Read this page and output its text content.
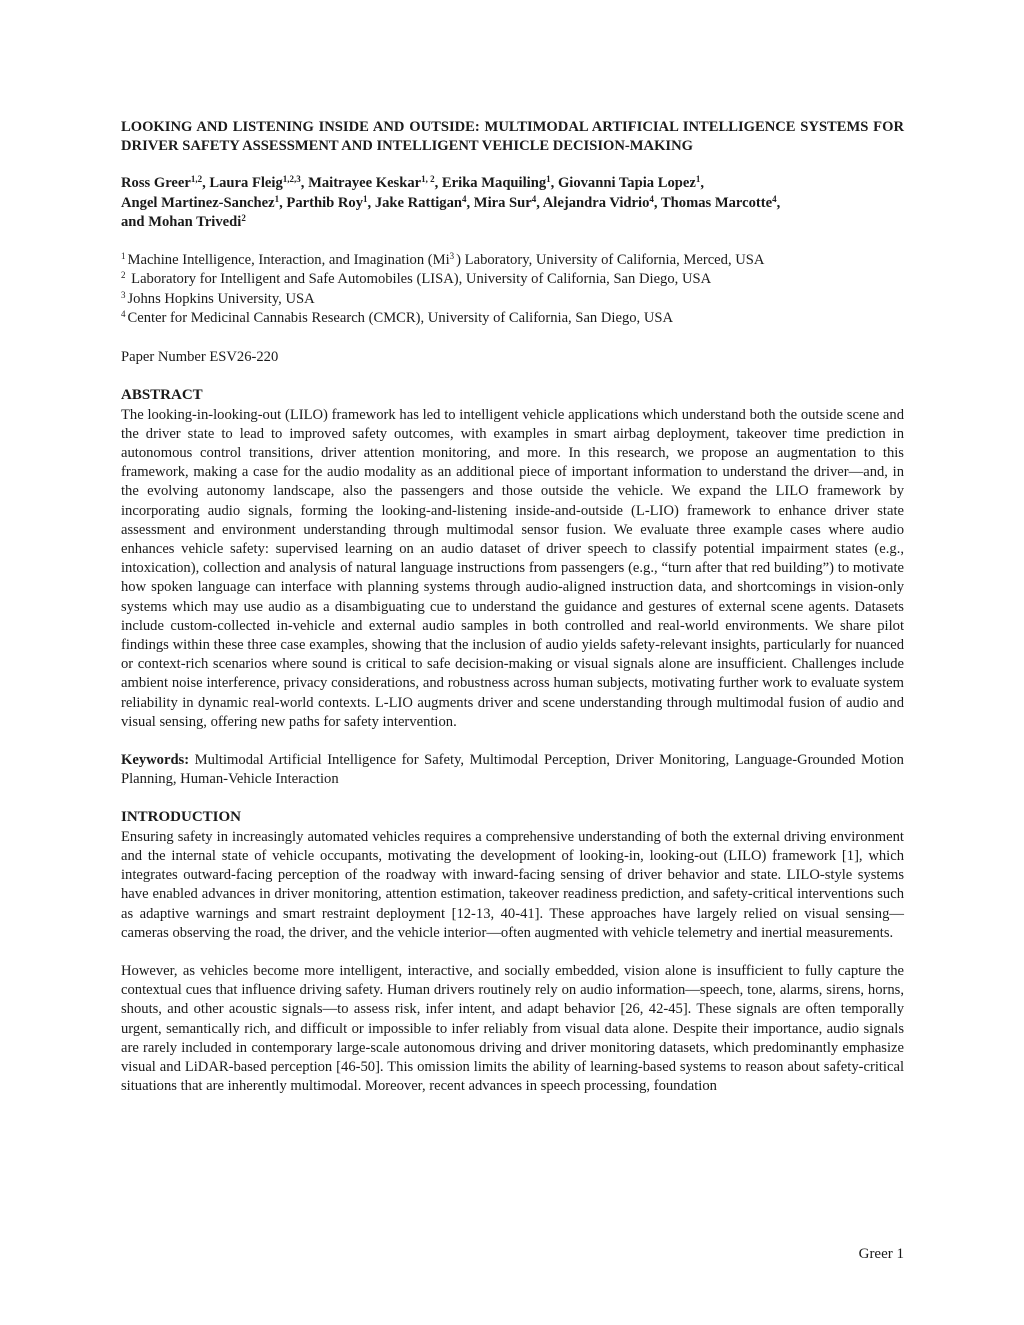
LOOKING AND LISTENING INSIDE AND OUTSIDE: MULTIMODAL ARTIFICIAL INTELLIGENCE SYSTEMS FOR DRIVER SAFETY ASSESSMENT AND INTELLIGENT VEHICLE DECISION-MAKING
Ross Greer$^{1,2}$, Laura Fleig$^{1,2,3}$, Maitrayee Keskar$^{1, 2}$, Erika Maquiling$^1$, Giovanni Tapia Lopez$^1$,
Angel Martinez-Sanchez$^1$, Parthib Roy$^1$, Jake Rattigan$^4$, Mira Sur$^4$, Alejandra Vidrio$^4$, Thomas Marcotte$^4$,
and Mohan Trivedi$^2$
$^1$ Machine Intelligence, Interaction, and Imagination (Mi$^3$ ) Laboratory, University of California, Merced, USA
$^2$ Laboratory for Intelligent and Safe Automobiles (LISA), University of California, San Diego, USA
$^3$ Johns Hopkins University, USA
$^4$ Center for Medicinal Cannabis Research (CMCR), University of California, San Diego, USA
Paper Number ESV26-220
ABSTRACT
The looking-in-looking-out (LILO) framework has led to intelligent vehicle applications which understand both the outside scene and the driver state to lead to improved safety outcomes, with examples in smart airbag deployment, takeover time prediction in autonomous control transitions, driver attention monitoring, and more. In this research, we propose an augmentation to this framework, making a case for the audio modality as an additional piece of important information to understand the driver—and, in the evolving autonomy landscape, also the passengers and those outside the vehicle. We expand the LILO framework by incorporating audio signals, forming the looking-and-listening inside-and-outside (L-LIO) framework to enhance driver state assessment and environment understanding through multimodal sensor fusion. We evaluate three example cases where audio enhances vehicle safety: supervised learning on an audio dataset of driver speech to classify potential impairment states (e.g., intoxication), collection and analysis of natural language instructions from passengers (e.g., “turn after that red building”) to motivate how spoken language can interface with planning systems through audio-aligned instruction data, and shortcomings in vision-only systems which may use audio as a disambiguating cue to understand the guidance and gestures of external scene agents. Datasets include custom-collected in-vehicle and external audio samples in both controlled and real-world environments. We share pilot findings within these three case examples, showing that the inclusion of audio yields safety-relevant insights, particularly for nuanced or context-rich scenarios where sound is critical to safe decision-making or visual signals alone are insufficient. Challenges include ambient noise interference, privacy considerations, and robustness across human subjects, motivating further work to evaluate system reliability in dynamic real-world contexts. L-LIO augments driver and scene understanding through multimodal fusion of audio and visual sensing, offering new paths for safety intervention.
Keywords: Multimodal Artificial Intelligence for Safety, Multimodal Perception, Driver Monitoring, Language-Grounded Motion Planning, Human-Vehicle Interaction
INTRODUCTION
Ensuring safety in increasingly automated vehicles requires a comprehensive understanding of both the external driving environment and the internal state of vehicle occupants, motivating the development of looking-in, looking-out (LILO) framework [1], which integrates outward-facing perception of the roadway with inward-facing sensing of driver behavior and state. LILO-style systems have enabled advances in driver monitoring, attention estimation, takeover readiness prediction, and safety-critical interventions such as adaptive warnings and smart restraint deployment [12-13, 40-41]. These approaches have largely relied on visual sensing—cameras observing the road, the driver, and the vehicle interior—often augmented with vehicle telemetry and inertial measurements.
However, as vehicles become more intelligent, interactive, and socially embedded, vision alone is insufficient to fully capture the contextual cues that influence driving safety. Human drivers routinely rely on audio information—speech, tone, alarms, sirens, horns, shouts, and other acoustic signals—to assess risk, infer intent, and adapt behavior [26, 42-45]. These signals are often temporally urgent, semantically rich, and difficult or impossible to infer reliably from visual data alone. Despite their importance, audio signals are rarely included in contemporary large-scale autonomous driving and driver monitoring datasets, which predominantly emphasize visual and LiDAR-based perception [46-50]. This omission limits the ability of learning-based systems to reason about safety-critical situations that are inherently multimodal. Moreover, recent advances in speech processing, foundation
Greer 1
